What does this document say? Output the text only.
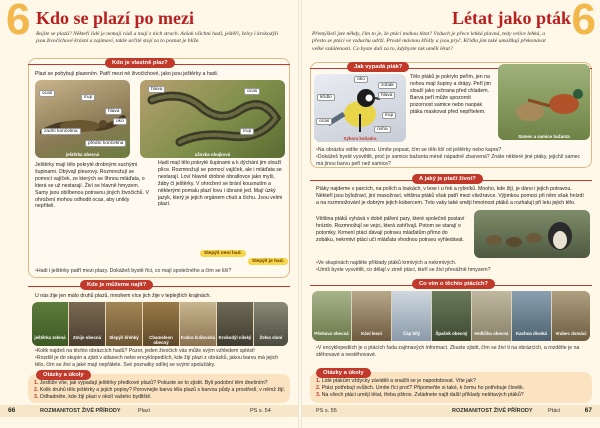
6 Kdo se plazí po mezi
Bojíte se plazů? Někteří lidé je nemají rádi a mají z nich strach. Avšak všichni hadi, ještěři, želvy i krokodýli jsou živočichové krásní a zajímaví, takže určitě stojí za to poznat je blíže.
Kdo je vlastně plaz?
Plazi se pohybují plazením. Patří mezi ně živočichové, jako jsou ještěrky a hadi.
ocas
trup
hlava
oko
zadní končetina
přední končetina
ještěrka obecná
hlava
trup
ocas
užovka obojková
Ještěrky mají tělo pokryté drobnými suchými šupinami. Obývají pleurovy. Rozmnožují se pomocí vajíček, ze kterých se líhnou mláďata, o která se už nestarají. Živí se hlavně hmyzem. Samy jsou oblíbenou potravou jiných živočichů. V ohrožení mohou odhodit ocas, aby unikly nepříteli.
Hadi mají tělo pokryté šupinami a k dýchání jim slouží plíce. Rozmnožují se pomocí vajíček, ale i mláďata se nestarají. Loví hlavně drobné obratlovce jako myši, žáby či ještěrky. V ohrožení se brání kousnutím a některými pomalu plazí lovu i úbrané jed. Mají úzký jazyk, který je jejich orgánem chuti a čichu. Jsou velmi plazí.
• Hadi i ještěrky patří mezi plazy. Dokážeš bystě říci, co mají společného a čím se liší?
Kde je můžeme najít?
Slepýš není had.
Slepýš je had.
U nás žije jen málo druhů plazů, mnohem více jich žije v teplejších krajinách.
ještěrka zelená	Zmije obecná	Slepýš křehký	Chameleon obecný
Kobra královská Krokodýl nilský	Želva sloní
• Kolik najdeš na těchto obrázcích hadů? Pozor, jeden živočich vás může svým vzhledem splést!
• Rozděl je do skupin a zjisti v atlasech nebo encyklopediích, kde žijí plazi z obrázků, jakou barvu má jejich tělo, čím se živí a jaké mají nepřátele. Své poznatky sdílej se svými spolužáky.
Otázky a úkoly
1. Jestliže víte, jak vypadají ještěrky předkové plazů? Pokuste se to zjistit. Byli podobní těm dnešním?
2. Kolik druhů tělo ještěrky a jejich popisy? Porovnejte barvu těla plazů s barvou půdy a prostředí, v němž žijí.
3. Odhadněte, kde žijí plazi v okolí vašeho bydliště.
66	ROZMANITOST ŽIVÉ PŘÍRODY	Plazi	PS s. 54
6
Létat jako pták
Přemýšleli jste někdy, čím to je, že ptáci mohou létat? Vzduch je přece lehká plavná, tedy velice lehká, a přesto se ptáci ve vzduchu udrží. Prostě mávnou křídly a jsou pryč. Křídla jim také umožňují překonávat velké vzdálenosti. Co byste dali za to, kdybyste tak uměli létat?
Jak vypadá pták?
křídlo
zobák
hlava
oko
ocas
trup
noha
Sýkora koňadra
Tělo ptáků je pokryto peřím, jen na nohou mají šupiny a drápy. Peří jim slouží jako ochrana před chladem. Barva peří může upozornit pozornost samice nebo naopak ptáka maskovat před nepřítelem.
Samec a samice bažanta
• Na obrázku vidíte sýkoru. Umíte popsat, čím se tělo liší od ještěrky nebo kapra?
• Dokážeš bystě vysvětlit, proč je samice bažanta méně nápadně zbarvená? Znáte některé jiné ptáky, jejichž samec má jinou barvu peří než samice?
A jaký je ptačí život?
Ptáky najdeme v parcích, na polích a loukách, v lese i u řek a rybníků. Mnoho, kde žijí, je dáno i jejich potravou. Někteří jsou býložraví, jiní masožraví, většina ptáků však patří mezi všežravce. Výjimkou pomoci při něm však hnízdí a na rozmnožování je dobrým jejich kobercem. Tvto vaky také směji hmotnost ptáků a rozhalují při letu jejich tělo.
Většina ptáků vyhává v době páření pary, které společně postaví hnízdo. Rozmnožují se vejci, která zahřívají. Potom se starají o potomky. Krmení ptáci dávají potravu mláďatům přímo do zobáku, nekrmiví ptáci učí mláďata vhodnou potravu vyhledávat.
• Ve skupinách najděte příklady ptáků krmivých a nekrmivých.
• Umíš byste vysvětlit, co dělají v zimě ptáci, kteří se živí převážně hmyzem?
Co vím o těchto ptácích?
Pěnkava obecná	Kání lesní	Čáp bílý	Špaček obecný	Hrdlička obecná	Kachna divoká	Vrabec domácí
• V encyklopediích je o ptácích řada zajímavých informací. Zkuste zjistit, čím se živí ti na obrázcích, a rozdělte je na stěhovavé a nestěhovavé.
Otázky a úkoly
1. Lidé ptákům vždycky záviděli a snažili se je napodobovat. Víte jak?
2. Ptáci potřebují svůbch. Umíte říci proč? Připomeňte si také, k čemu ho potřebuje člověk.
3. Na všech ptáci umějí létat, třeba pštros. Zvládnete najít další příklady nelétavých ptáků?
PS s. 55	ROZMANITOST ŽIVÉ PŘÍRODY	Ptáci	67
